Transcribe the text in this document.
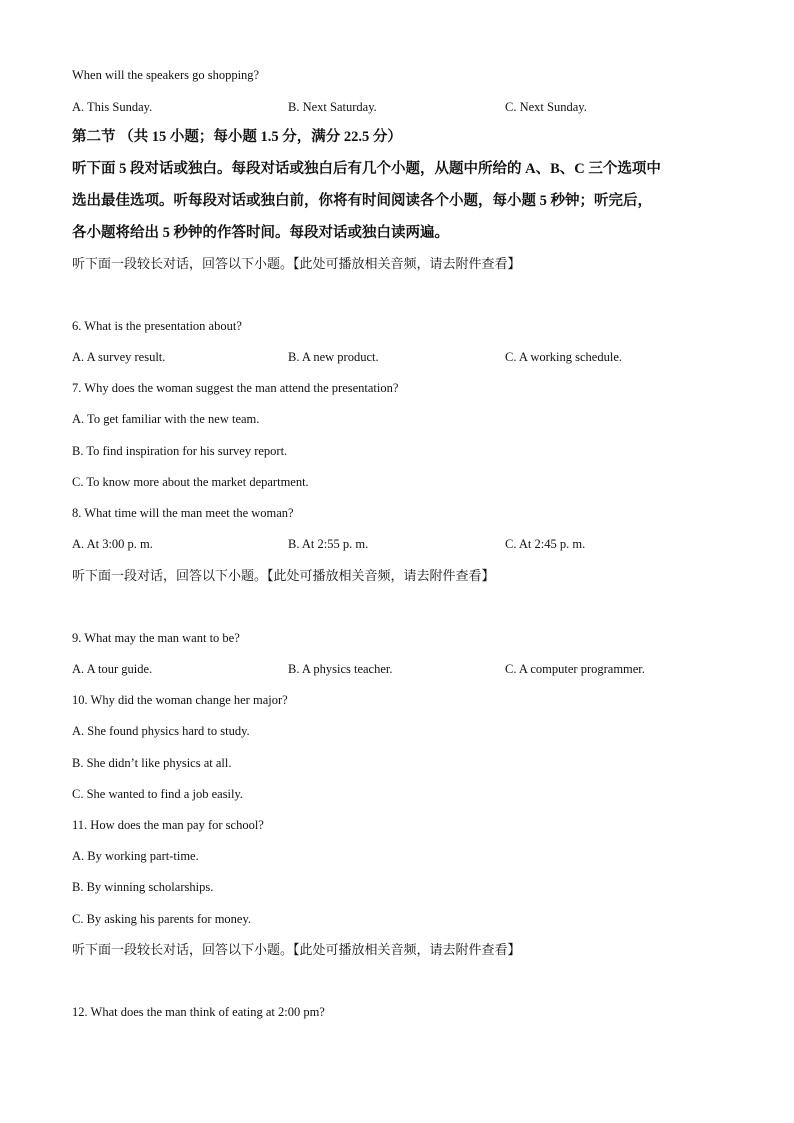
When will the speakers go shopping?
A. This Sunday.	B. Next Saturday.	C. Next Sunday.
第二节 （共 15 小题；每小题 1.5 分，满分 22.5 分）
听下面 5 段对话或独白。每段对话或独白后有几个小题，从题中所给的 A、B、C 三个选项中
选出最佳选项。听每段对话或独白前，你将有时间阅读各个小题，每小题 5 秒钟；听完后，
各小题将给出 5 秒钟的作答时间。每段对话或独白读两遍。
听下面一段较长对话，回答以下小题。【此处可播放相关音频，请去附件查看】
6. What is the presentation about?
A. A survey result.	B. A new product.	C. A working schedule.
7. Why does the woman suggest the man attend the presentation?
A. To get familiar with the new team.
B. To find inspiration for his survey report.
C. To know more about the market department.
8. What time will the man meet the woman?
A. At 3:00 p. m.	B. At 2:55 p. m.	C. At 2:45 p. m.
听下面一段对话，回答以下小题。【此处可播放相关音频，请去附件查看】
9. What may the man want to be?
A. A tour guide.	B. A physics teacher.	C. A computer programmer.
10. Why did the woman change her major?
A. She found physics hard to study.
B. She didn’t like physics at all.
C. She wanted to find a job easily.
11. How does the man pay for school?
A. By working part-time.
B. By winning scholarships.
C. By asking his parents for money.
听下面一段较长对话，回答以下小题。【此处可播放相关音频，请去附件查看】
12. What does the man think of eating at 2:00 pm?
